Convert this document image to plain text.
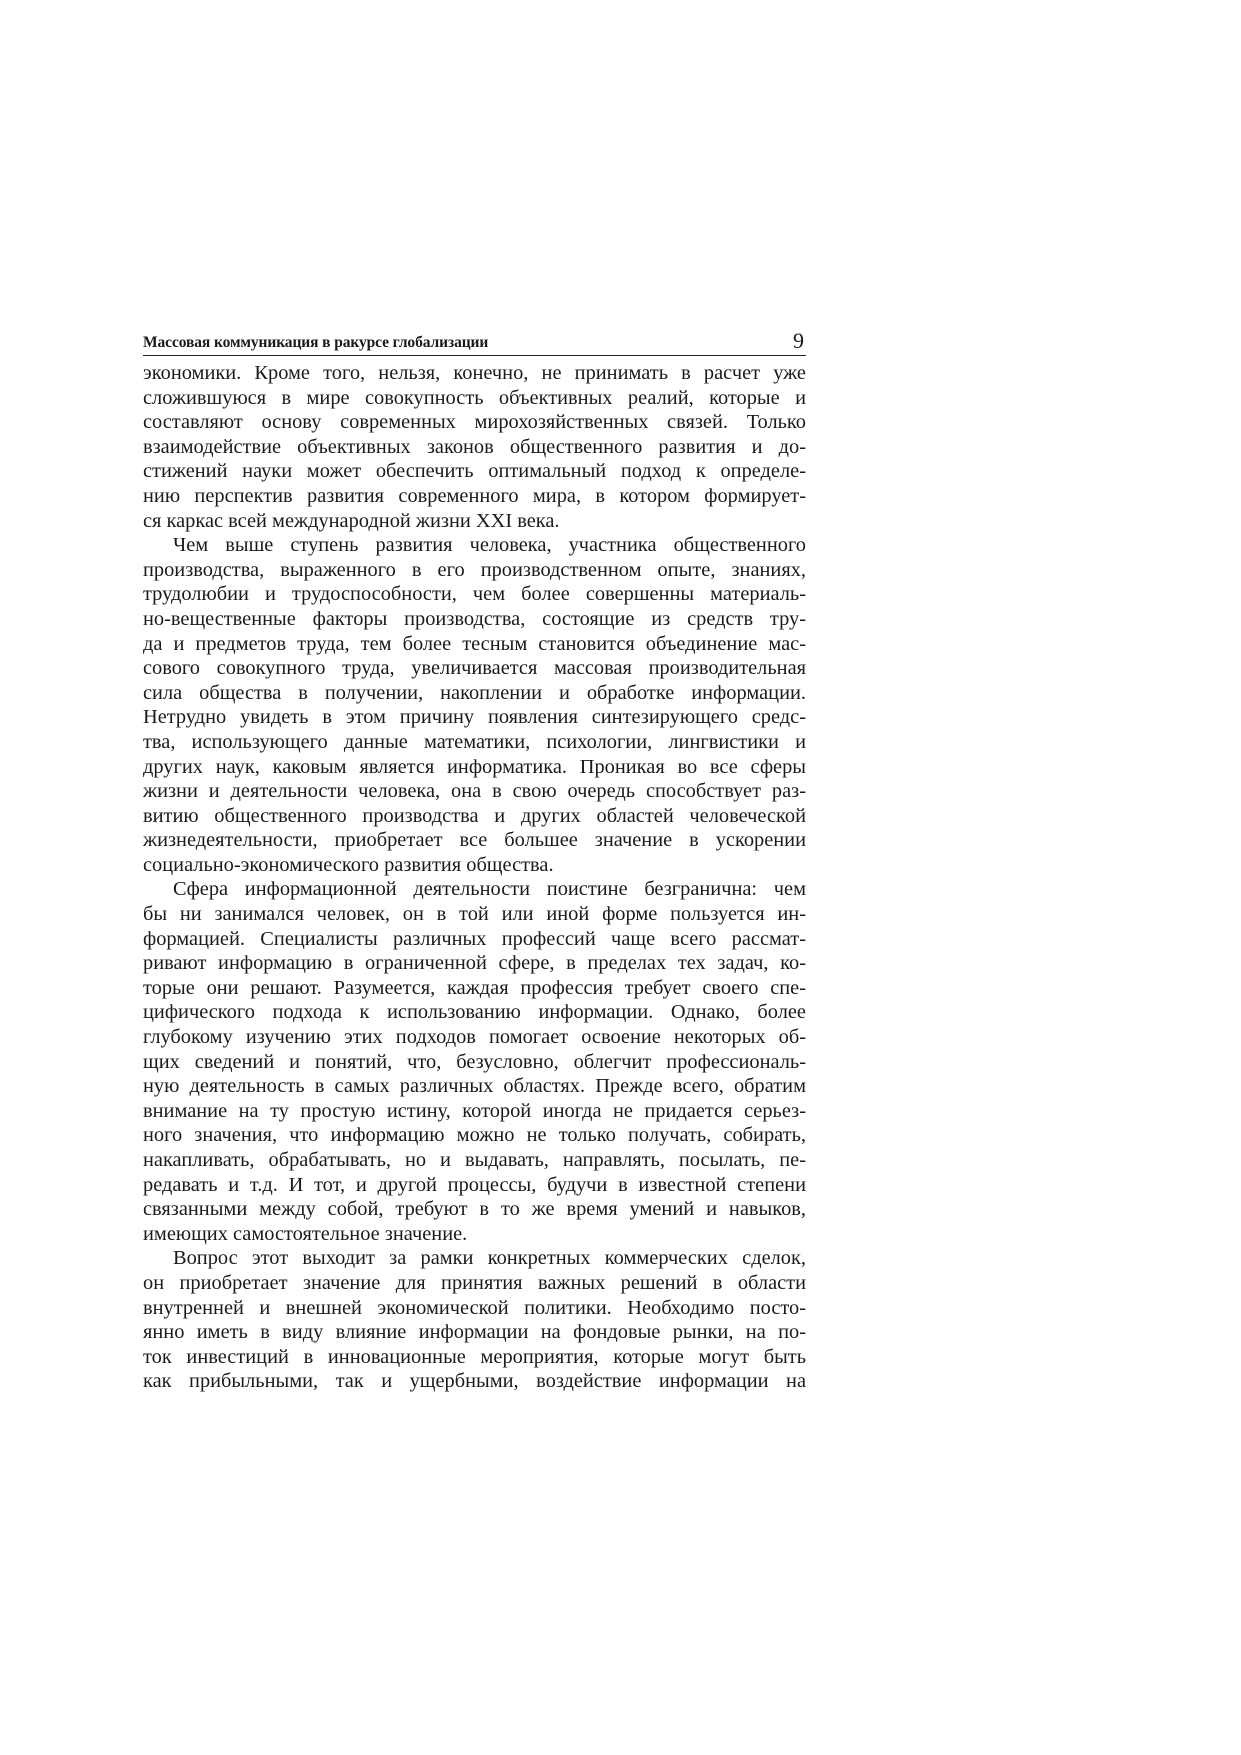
Массовая коммуникация в ракурсе глобализации	9
экономики. Кроме того, нельзя, конечно, не принимать в расчет уже
сложившуюся в мире совокупность объективных реалий, которые и
составляют основу современных мирохозяйственных связей. Только
взаимодействие объективных законов общественного развития и до-
стижений науки может обеспечить оптимальный подход к определе-
нию перспектив развития современного мира, в котором формирует-
ся каркас всей международной жизни XXI века.
Чем выше ступень развития человека, участника общественного
производства, выраженного в его производственном опыте, знаниях,
трудолюбии и трудоспособности, чем более совершенны материаль-
но-вещественные факторы производства, состоящие из средств тру-
да и предметов труда, тем более тесным становится объединение мас-
сового совокупного труда, увеличивается массовая производительная
сила общества в получении, накоплении и обработке информации.
Нетрудно увидеть в этом причину появления синтезирующего средс-
тва, использующего данные математики, психологии, лингвистики и
других наук, каковым является информатика. Проникая во все сферы
жизни и деятельности человека, она в свою очередь способствует раз-
витию общественного производства и других областей человеческой
жизнедеятельности, приобретает все большее значение в ускорении
социально-экономического развития общества.
Сфера информационной деятельности поистине безгранична: чем
бы ни занимался человек, он в той или иной форме пользуется ин-
формацией. Специалисты различных профессий чаще всего рассмат-
ривают информацию в ограниченной сфере, в пределах тех задач, ко-
торые они решают. Разумеется, каждая профессия требует своего спе-
цифического подхода к использованию информации. Однако, более
глубокому изучению этих подходов помогает освоение некоторых об-
щих сведений и понятий, что, безусловно, облегчит профессиональ-
ную деятельность в самых различных областях. Прежде всего, обратим
внимание на ту простую истину, которой иногда не придается серьез-
ного значения, что информацию можно не только получать, собирать,
накапливать, обрабатывать, но и выдавать, направлять, посылать, пе-
редавать и т.д. И тот, и другой процессы, будучи в известной степени
связанными между собой, требуют в то же время умений и навыков,
имеющих самостоятельное значение.
Вопрос этот выходит за рамки конкретных коммерческих сделок,
он приобретает значение для принятия важных решений в области
внутренней и внешней экономической политики. Необходимо посто-
янно иметь в виду влияние информации на фондовые рынки, на по-
ток инвестиций в инновационные мероприятия, которые могут быть
как прибыльными, так и ущербными, воздействие информации на
